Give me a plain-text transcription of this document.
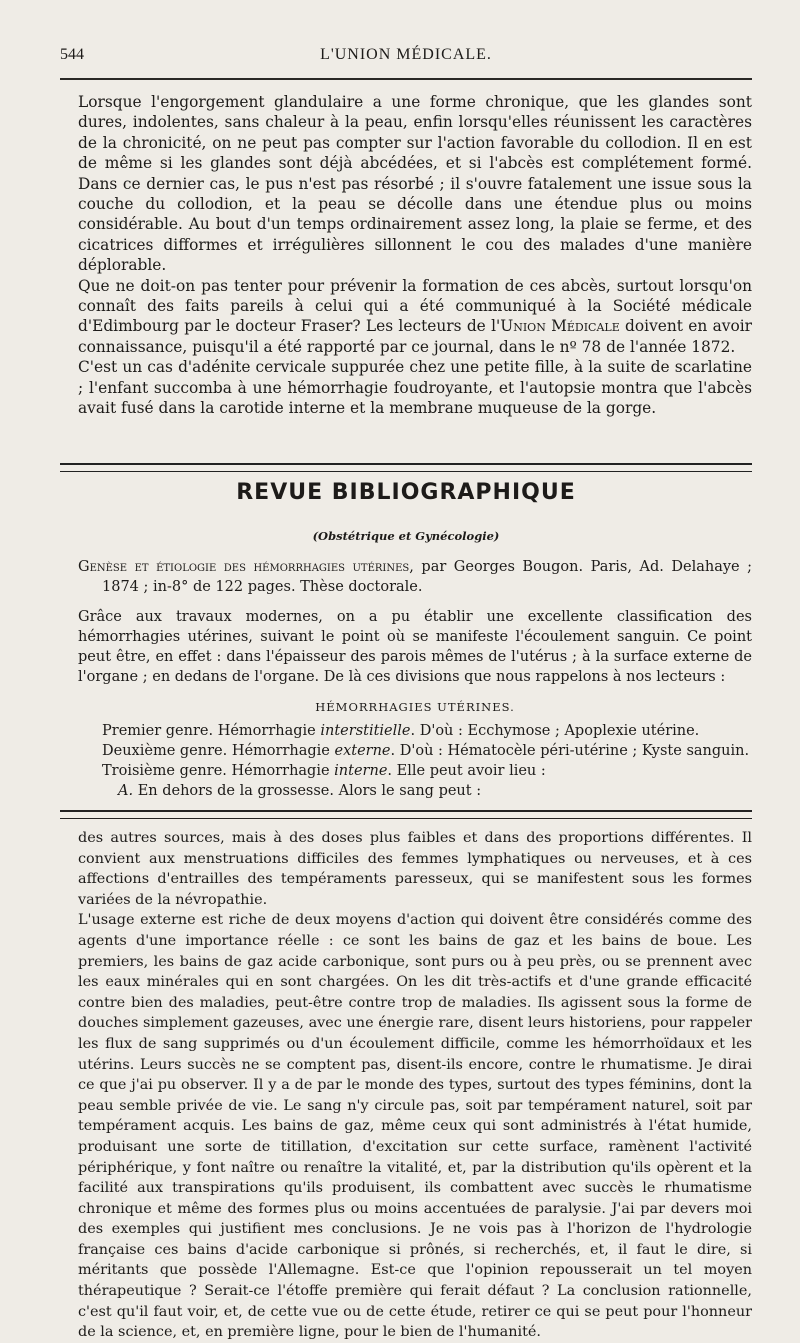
544	L'UNION MÉDICALE.

Lorsque l'engorgement glandulaire a une forme chronique, que les glandes sont dures, indolentes, sans chaleur à la peau, enfin lorsqu'elles réunissent les caractères de la chronicité, on ne peut pas compter sur l'action favorable du collodion. Il en est de même si les glandes sont déjà abcédées, et si l'abcès est complétement formé. Dans ce dernier cas, le pus n'est pas résorbé ; il s'ouvre fatalement une issue sous la couche du collodion, et la peau se décolle dans une étendue plus ou moins considérable. Au bout d'un temps ordinairement assez long, la plaie se ferme, et des cicatrices difformes et irrégulières sillonnent le cou des malades d'une manière déplorable.

Que ne doit-on pas tenter pour prévenir la formation de ces abcès, surtout lorsqu'on connaît des faits pareils à celui qui a été communiqué à la Société médicale d'Edimbourg par le docteur Fraser? Les lecteurs de l'Union Médicale doivent en avoir connaissance, puisqu'il a été rapporté par ce journal, dans le nº 78 de l'année 1872.

C'est un cas d'adénite cervicale suppurée chez une petite fille, à la suite de scarlatine ; l'enfant succomba à une hémorrhagie foudroyante, et l'autopsie montra que l'abcès avait fusé dans la carotide interne et la membrane muqueuse de la gorge.

REVUE BIBLIOGRAPHIQUE
(Obstétrique et Gynécologie)

Genèse et étiologie des hémorrhagies utérines, par Georges Bougon. Paris, Ad. Delahaye ; 1874 ; in-8° de 122 pages. Thèse doctorale.

Grâce aux travaux modernes, on a pu établir une excellente classification des hémorrhagies utérines, suivant le point où se manifeste l'écoulement sanguin. Ce point peut être, en effet : dans l'épaisseur des parois mêmes de l'utérus ; à la surface externe de l'organe ; en dedans de l'organe. De là ces divisions que nous rappelons à nos lecteurs :

HÉMORRHAGIES UTÉRINES.

Premier genre. Hémorrhagie interstitielle. D'où : Ecchymose ; Apoplexie utérine.

Deuxième genre. Hémorrhagie externe. D'où : Hématocèle péri-utérine ; Kyste sanguin.

Troisième genre. Hémorrhagie interne. Elle peut avoir lieu :

A. En dehors de la grossesse. Alors le sang peut :

des autres sources, mais à des doses plus faibles et dans des proportions différentes. Il convient aux menstruations difficiles des femmes lymphatiques ou nerveuses, et à ces affections d'entrailles des tempéraments paresseux, qui se manifestent sous les formes variées de la névropathie.

L'usage externe est riche de deux moyens d'action qui doivent être considérés comme des agents d'une importance réelle : ce sont les bains de gaz et les bains de boue. Les premiers, les bains de gaz acide carbonique, sont purs ou à peu près, ou se prennent avec les eaux minérales qui en sont chargées. On les dit très-actifs et d'une grande efficacité contre bien des maladies, peut-être contre trop de maladies. Ils agissent sous la forme de douches simplement gazeuses, avec une énergie rare, disent leurs historiens, pour rappeler les flux de sang supprimés ou d'un écoulement difficile, comme les hémorrhoïdaux et les utérins. Leurs succès ne se comptent pas, disent-ils encore, contre le rhumatisme. Je dirai ce que j'ai pu observer. Il y a de par le monde des types, surtout des types féminins, dont la peau semble privée de vie. Le sang n'y circule pas, soit par tempérament naturel, soit par tempérament acquis. Les bains de gaz, même ceux qui sont administrés à l'état humide, produisant une sorte de titillation, d'excitation sur cette surface, ramènent l'activité périphérique, y font naître ou renaître la vitalité, et, par la distribution qu'ils opèrent et la facilité aux transpirations qu'ils produisent, ils combattent avec succès le rhumatisme chronique et même des formes plus ou moins accentuées de paralysie. J'ai par devers moi des exemples qui justifient mes conclusions. Je ne vois pas à l'horizon de l'hydrologie française ces bains d'acide carbonique si prônés, si recherchés, et, il faut le dire, si méritants que possède l'Allemagne. Est-ce que l'opinion repousserait un tel moyen thérapeutique ? Serait-ce l'étoffe première qui ferait défaut ? La conclusion rationnelle, c'est qu'il faut voir, et, de cette vue ou de cette étude, retirer ce qui se peut pour l'honneur de la science, et, en première ligne, pour le bien de l'humanité.
